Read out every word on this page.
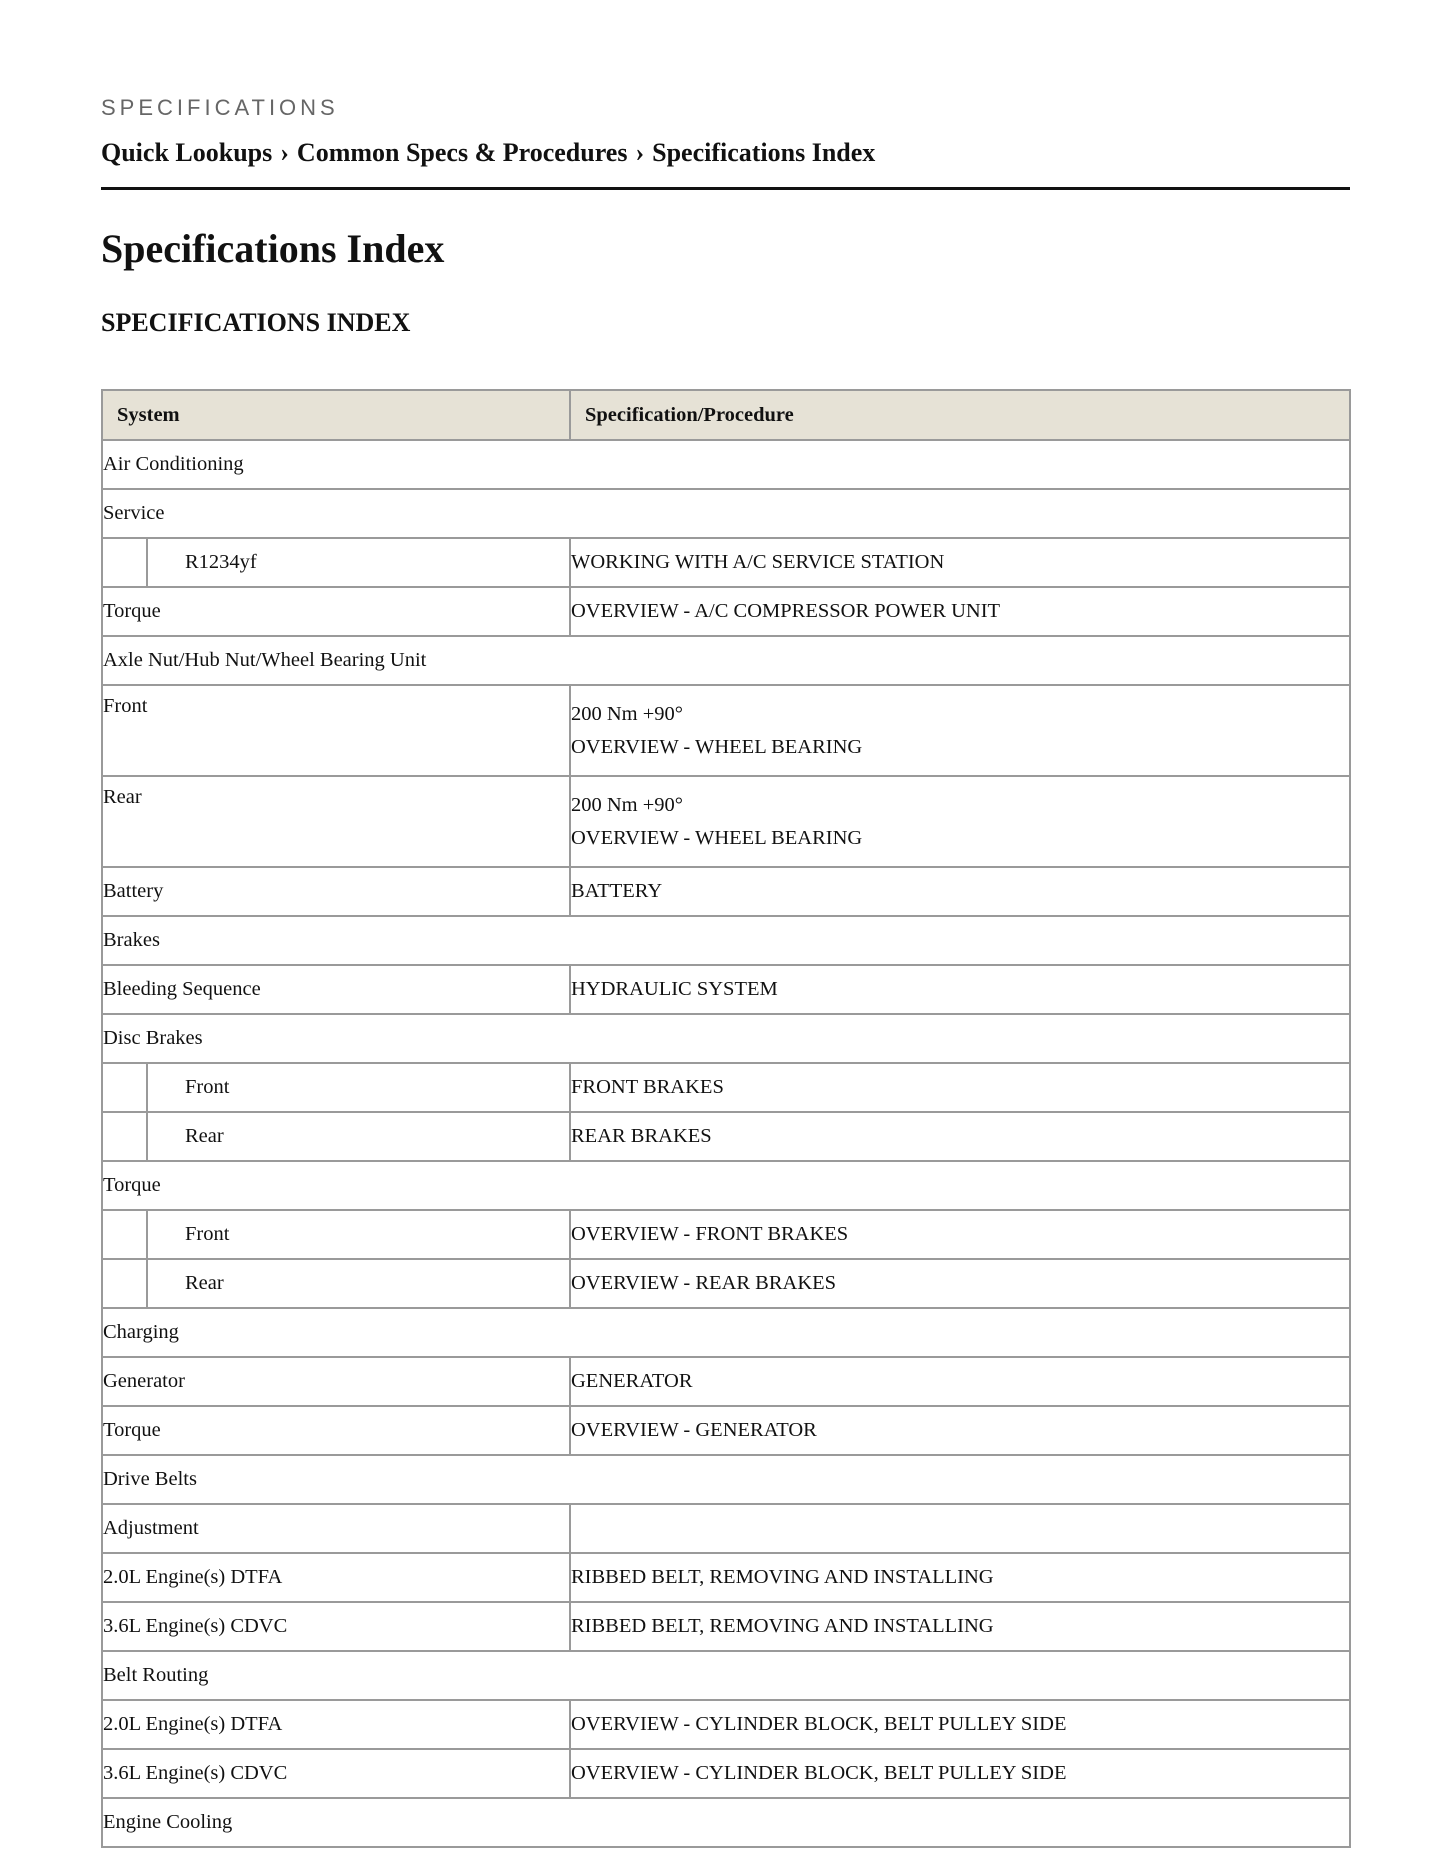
SPECIFICATIONS
Quick Lookups › Common Specs & Procedures › Specifications Index
Specifications Index
SPECIFICATIONS INDEX
System	Specification/Procedure
Air Conditioning	
Service	

R1234yf	WORKING WITH A/C SERVICE STATION
Torque	OVERVIEW - A/C COMPRESSOR POWER UNIT
Axle Nut/Hub Nut/Wheel Bearing Unit	
Front	200 Nm +90°
OVERVIEW - WHEEL BEARING

Rear	200 Nm +90°
OVERVIEW - WHEEL BEARING

Battery	BATTERY
Brakes	
Bleeding Sequence	HYDRAULIC SYSTEM
Disc Brakes	

Front	FRONT BRAKES

Rear	REAR BRAKES
Torque	

Front	OVERVIEW - FRONT BRAKES

Rear	OVERVIEW - REAR BRAKES
Charging	
Generator	GENERATOR
Torque	OVERVIEW - GENERATOR
Drive Belts	
Adjustment	
2.0L Engine(s) DTFA	RIBBED BELT, REMOVING AND INSTALLING
3.6L Engine(s) CDVC	RIBBED BELT, REMOVING AND INSTALLING
Belt Routing	
2.0L Engine(s) DTFA	OVERVIEW - CYLINDER BLOCK, BELT PULLEY SIDE
3.6L Engine(s) CDVC	OVERVIEW - CYLINDER BLOCK, BELT PULLEY SIDE
Engine Cooling	
